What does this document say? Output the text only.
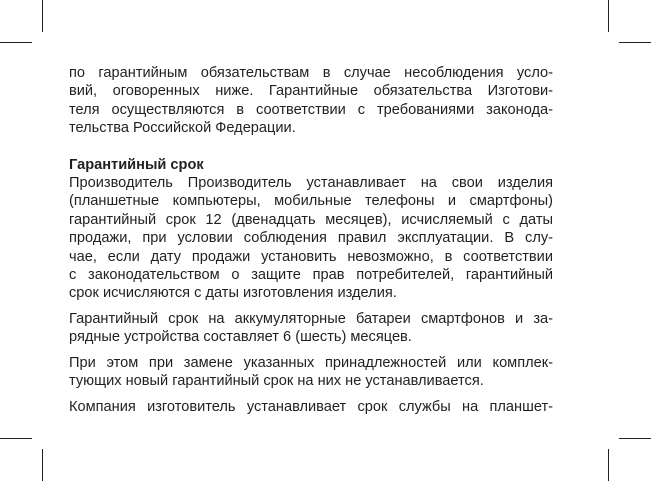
по гарантийным обязательствам в случае несоблюдения усло-
вий, оговоренных ниже. Гарантийные обязательства Изготови-
теля осуществляются в соответствии с требованиями законода-
тельства Российской Федерации.

Гарантийный срок

Производитель Производитель устанавливает на свои изделия
(планшетные компьютеры, мобильные телефоны и смартфоны)
гарантийный срок 12 (двенадцать месяцев), исчисляемый с даты
продажи, при условии соблюдения правил эксплуатации. В слу-
чае, если дату продажи установить невозможно, в соответствии
с законодательством о защите прав потребителей, гарантийный
срок исчисляются с даты изготовления изделия.

Гарантийный срок на аккумуляторные батареи смартфонов и за-
рядные устройства составляет 6 (шесть) месяцев.

При этом при замене указанных принадлежностей или комплек-
тующих новый гарантийный срок на них не устанавливается.

Компания изготовитель устанавливает срок службы на планшет-
